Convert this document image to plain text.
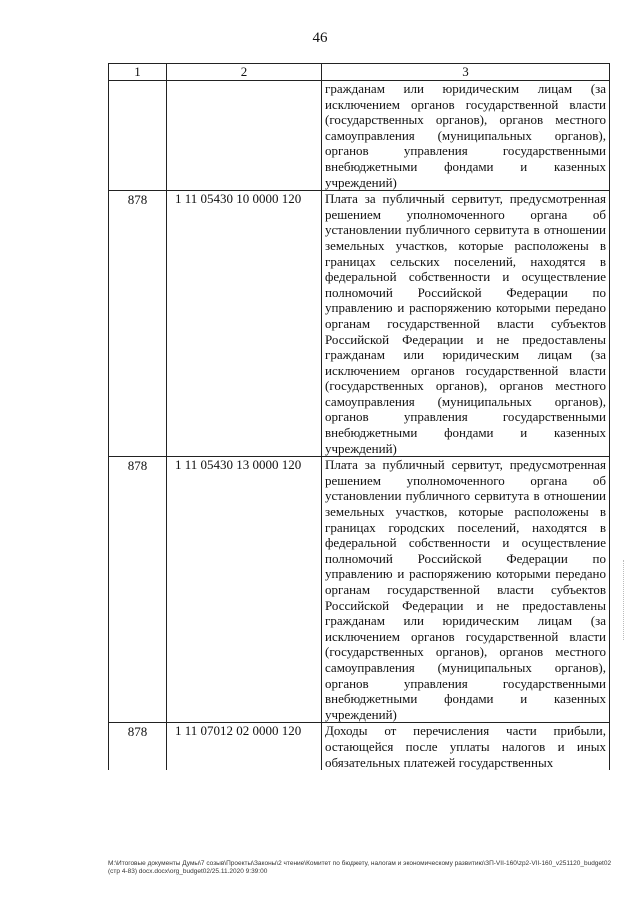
46
1	2	3
		гражданам или юридическим лицам (за исключением органов государственной власти (государственных органов), органов местного самоуправления (муниципальных органов), органов управления государственными внебюджетными фондами и казенных учреждений)
878	1 11 05430 10 0000 120	Плата за публичный сервитут, предусмотренная решением уполномоченного органа об установлении публичного сервитута в отношении земельных участков, которые расположены в границах сельских поселений, находятся в федеральной собственности и осуществление полномочий Российской Федерации по управлению и распоряжению которыми передано органам государственной власти субъектов Российской Федерации и не предоставлены гражданам или юридическим лицам (за исключением органов государственной власти (государственных органов), органов местного самоуправления (муниципальных органов), органов управления государственными внебюджетными фондами и казенных учреждений)
878	1 11 05430 13 0000 120	Плата за публичный сервитут, предусмотренная решением уполномоченного органа об установлении публичного сервитута в отношении земельных участков, которые расположены в границах городских поселений, находятся в федеральной собственности и осуществление полномочий Российской Федерации по управлению и распоряжению которыми передано органам государственной власти субъектов Российской Федерации и не предоставлены гражданам или юридическим лицам (за исключением органов государственной власти (государственных органов), органов местного самоуправления (муниципальных органов), органов управления государственными внебюджетными фондами и казенных учреждений)
878	1 11 07012 02 0000 120	Доходы от перечисления части прибыли, остающейся после уплаты налогов и иных обязательных платежей государственных
M:\Итоговые документы Думы\7 созыв\Проекты\Законы\2 чтение\Комитет по бюджету, налогам и экономическому развитию\ЗП-VII-160\zp2-VII-160_v251120_budget02(стр 4-83) docx.docx\org_budget02/25.11.2020 9:39:00
